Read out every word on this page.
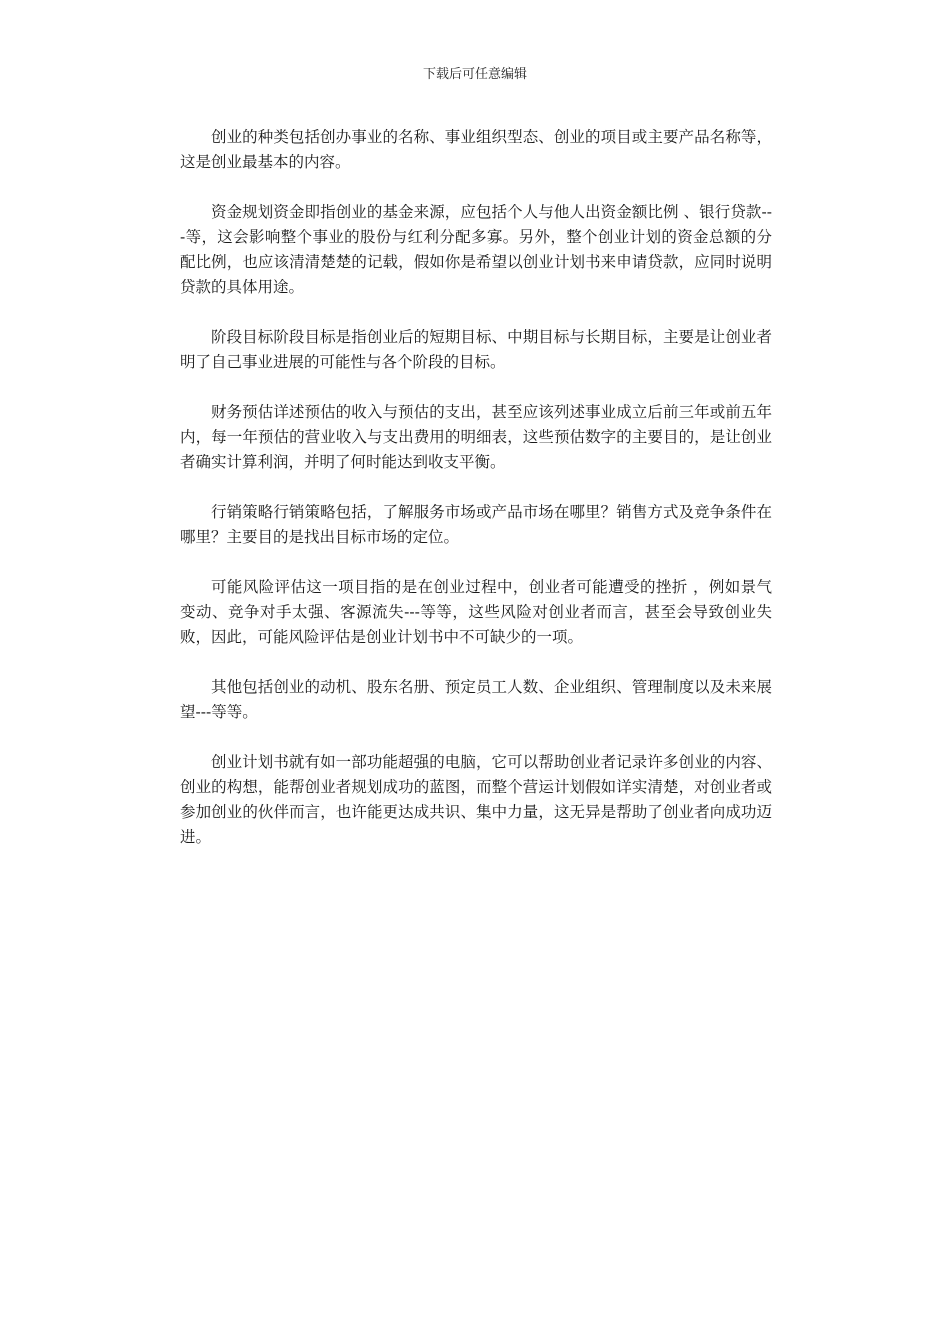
下载后可任意编辑

创业的种类包括创办事业的名称、事业组织型态、创业的项目或主要产品名称等，这是创业最基本的内容。

资金规划资金即指创业的基金来源，应包括个人与他人出资金额比例 、银行贷款---等，这会影响整个事业的股份与红利分配多寡。另外，整个创业计划的资金总额的分配比例，也应该清清楚楚的记载，假如你是希望以创业计划书来申请贷款，应同时说明贷款的具体用途。

阶段目标阶段目标是指创业后的短期目标、中期目标与长期目标，主要是让创业者明了自己事业进展的可能性与各个阶段的目标。

财务预估详述预估的收入与预估的支出，甚至应该列述事业成立后前三年或前五年内，每一年预估的营业收入与支出费用的明细表，这些预估数字的主要目的，是让创业者确实计算利润，并明了何时能达到收支平衡。

行销策略行销策略包括，了解服务市场或产品市场在哪里？销售方式及竞争条件在哪里？主要目的是找出目标市场的定位。

可能风险评估这一项目指的是在创业过程中，创业者可能遭受的挫折 ，例如景气变动、竞争对手太强、客源流失---等等，这些风险对创业者而言，甚至会导致创业失败，因此，可能风险评估是创业计划书中不可缺少的一项。

其他包括创业的动机、股东名册、预定员工人数、企业组织、管理制度以及未来展望---等等。

创业计划书就有如一部功能超强的电脑，它可以帮助创业者记录许多创业的内容、创业的构想，能帮创业者规划成功的蓝图，而整个营运计划假如详实清楚，对创业者或参加创业的伙伴而言，也许能更达成共识、集中力量，这无异是帮助了创业者向成功迈进。
